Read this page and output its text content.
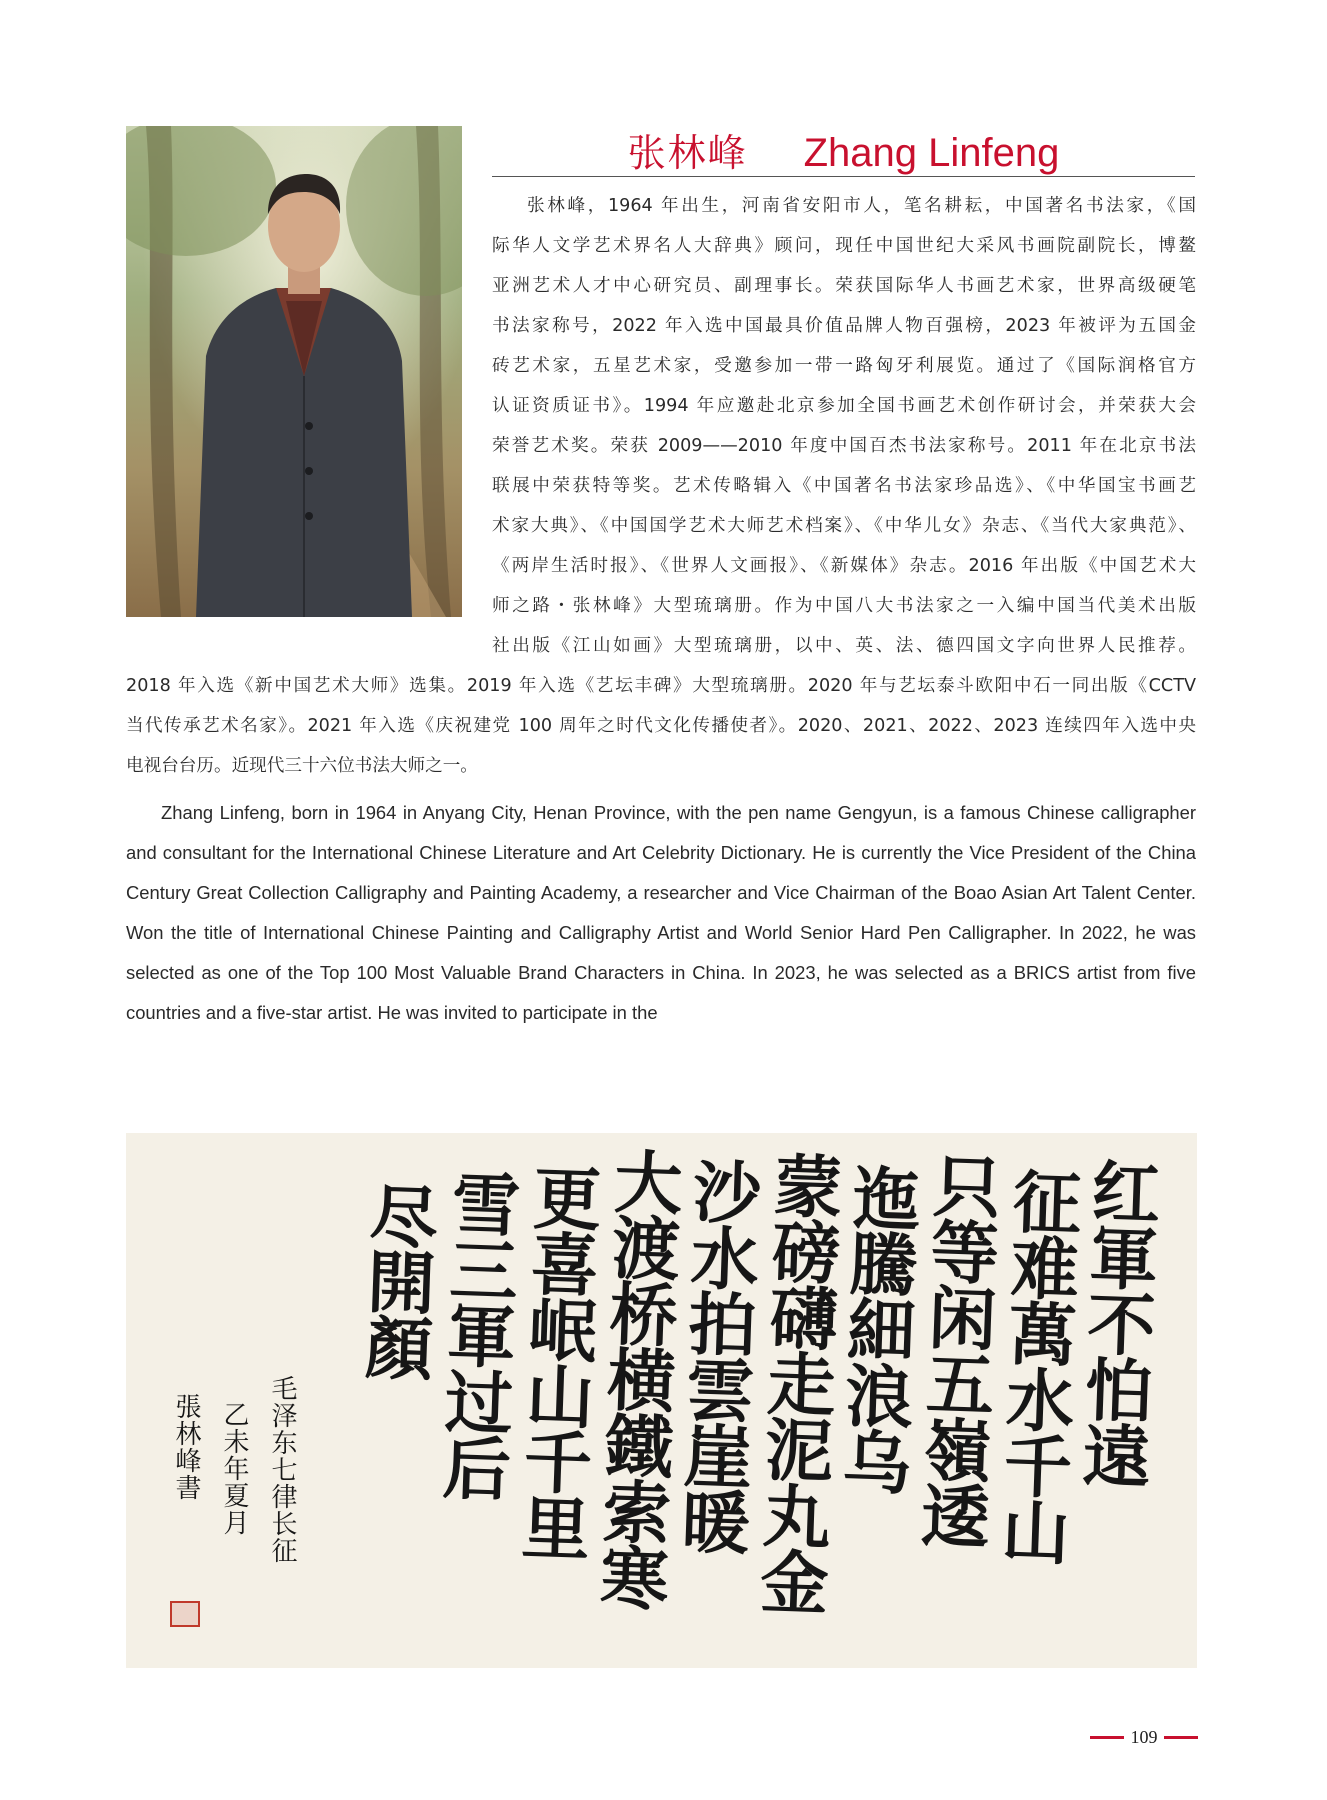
张林峰 Zhang Linfeng
张林峰，1964 年出生，河南省安阳市人，笔名耕耘，中国著名书法家，《国
际华人文学艺术界名人大辞典》顾问，现任中国世纪大采风书画院副院长，博鳌
亚洲艺术人才中心研究员、副理事长。荣获国际华人书画艺术家，世界高级硬笔
书法家称号，2022 年入选中国最具价值品牌人物百强榜，2023 年被评为五国金
砖艺术家，五星艺术家，受邀参加一带一路匈牙利展览。通过了《国际润格官方
认证资质证书》。1994 年应邀赴北京参加全国书画艺术创作研讨会，并荣获大会
荣誉艺术奖。荣获 2009——2010 年度中国百杰书法家称号。2011 年在北京书法
联展中荣获特等奖。艺术传略辑入《中国著名书法家珍品选》、《中华国宝书画艺
术家大典》、《中国国学艺术大师艺术档案》、《中华儿女》杂志、《当代大家典范》、
《两岸生活时报》、《世界人文画报》、《新媒体》杂志。2016 年出版《中国艺术大
师之路・张林峰》大型琉璃册。作为中国八大书法家之一入编中国当代美术出版
社出版《江山如画》大型琉璃册，以中、英、法、德四国文字向世界人民推荐。
2018 年入选《新中国艺术大师》选集。2019 年入选《艺坛丰碑》大型琉璃册。2020 年与艺坛泰斗欧阳中石一同出版《CCTV
当代传承艺术名家》。2021 年入选《庆祝建党 100 周年之时代文化传播使者》。2020、2021、2022、2023 连续四年入选中央
电视台台历。近现代三十六位书法大师之一。

Zhang Linfeng, born in 1964 in Anyang City, Henan Province, with the pen name Gengyun, is a famous Chinese calligrapher and consultant for the International Chinese Literature and Art Celebrity Dictionary. He is currently the Vice President of the China Century Great Collection Calligraphy and Painting Academy, a researcher and Vice Chairman of the Boao Asian Art Talent Center. Won the title of International Chinese Painting and Calligraphy Artist and World Senior Hard Pen Calligrapher. In 2022, he was selected as one of the Top 100 Most Valuable Brand Characters in China. In 2023, he was selected as a BRICS artist from five countries and a five-star artist. He was invited to participate in the

红軍不怕遠
征难萬水千山
只等闲五嶺逶
迤騰細浪乌
蒙磅礴走泥丸金
沙水拍雲崖暖
大渡桥横鐵索寒
更喜岷山千里
雪三軍过后
尽開顏
毛泽东七律长征
乙未年夏月
張林峰書
109
